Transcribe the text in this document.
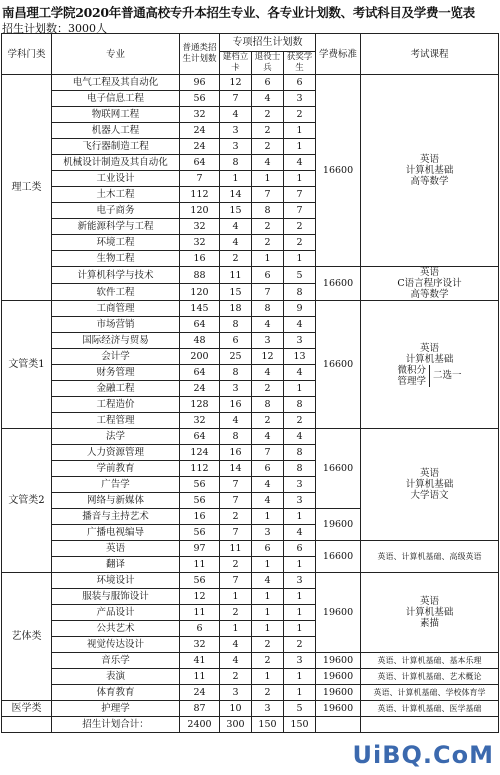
南昌理工学院2020年普通高校专升本招生专业、各专业计划数、考试科目及学费一览表
招生计划数：3000人
学科门类	专业	普通类招生计划数	专项招生计划数			学费标准	考试课程
			建档立卡	退役士兵	获奖学生		
理工类	电气工程及其自动化	96	12	6	6	16600	英语
计算机基础
高等数学

	电子信息工程	56	7	4	3		
	物联网工程	32	4	2	2		
	机器人工程	24	3	2	1		
	飞行器制造工程	24	3	2	1		
	机械设计制造及其自动化	64	8	4	4		
	工业设计	7	1	1	1		
	土木工程	112	14	7	7		
	电子商务	120	15	8	7		
	新能源科学与工程	32	4	2	2		
	环境工程	32	4	2	2		
	生物工程	16	2	1	1		
	计算机科学与技术	88	11	6	5	16600	英语
C语言程序设计
高等数学

	软件工程	120	15	7	8		
文管类1	工商管理	145	18	8	9	16600	英语
计算机基础
微积分
管理学 二选一

	市场营销	64	8	4	4		
	国际经济与贸易	48	6	3	3		
	会计学	200	25	12	13		
	财务管理	64	8	4	4		
	金融工程	24	3	2	1		
	工程造价	128	16	8	8		
	工程管理	32	4	2	2		
文管类2	法学	64	8	4	4	16600	英语
计算机基础
大学语文

	人力资源管理	124	16	7	8		
	学前教育	112	14	6	8		
	广告学	56	7	4	3		
	网络与新媒体	56	7	4	3		
	播音与主持艺术	16	2	1	1	19600	
	广播电视编导	56	7	3	4		
	英语	97	11	6	6	16600	英语、计算机基础、高级英语
	翻译	11	2	1	1		
艺体类	环境设计	56	7	4	3	19600	英语
计算机基础
素描

	服装与服饰设计	12	1	1	1		
	产品设计	11	2	1	1		
	公共艺术	6	1	1	1		
	视觉传达设计	32	4	2	2		
	音乐学	41	4	2	3	19600	英语、计算机基础、基本乐理
	表演	11	2	1	1	19600	英语、计算机基础、艺术概论
	体育教育	24	3	2	1	19600	英语、计算机基础、学校体育学
医学类	护理学	87	10	3	5	19600	英语、计算机基础、医学基础
	招生计划合计：	2400	300	150	150		
UiBQ.CoM
